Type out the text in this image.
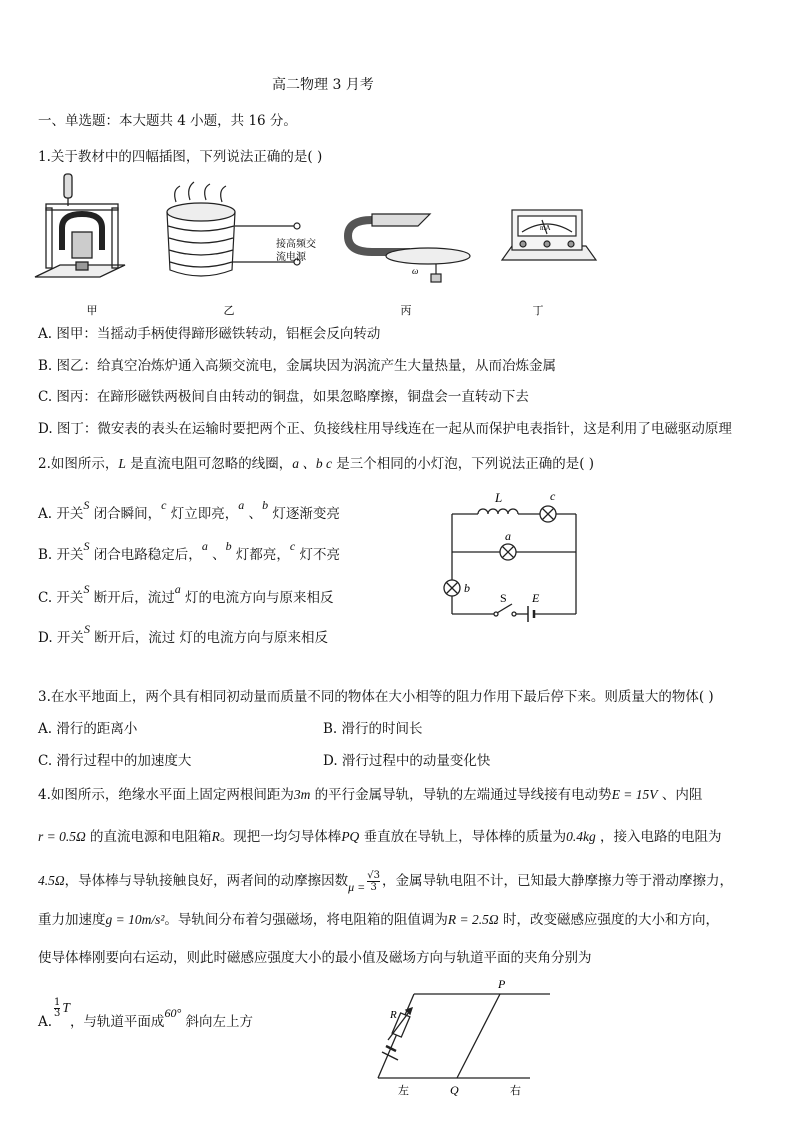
高二物理 3 月考
一、单选题：本大题共 4 小题，共 16 分。
1.关于教材中的四幅插图，下列说法正确的是( )
甲
接高频交
流电源
乙
ω
丙
mA
丁
A. 图甲：当摇动手柄使得蹄形磁铁转动，铝框会反向转动
B. 图乙：给真空冶炼炉通入高频交流电，金属块因为涡流产生大量热量，从而冶炼金属
C. 图丙：在蹄形磁铁两极间自由转动的铜盘，如果忽略摩擦，铜盘会一直转动下去
D. 图丁：微安表的表头在运输时要把两个正、负接线柱用导线连在一起从而保护电表指针，这是利用了电磁驱动原理
2.如图所示，L 是直流电阻可忽略的线圈，a 、b c 是三个相同的小灯泡，下列说法正确的是( )
A. 开关S 闭合瞬间，c 灯立即亮，a 、b 灯逐渐变亮
B. 开关S 闭合电路稳定后，a 、b 灯都亮，c 灯不亮
C. 开关S 断开后，流过a 灯的电流方向与原来相反
D. 开关S 断开后，流过 灯的电流方向与原来相反
L	c
a
b
S E
3.在水平地面上，两个具有相同初动量而质量不同的物体在大小相等的阻力作用下最后停下来。则质量大的物体( )
A. 滑行的距离小	B. 滑行的时间长
C. 滑行过程中的加速度大	D. 滑行过程中的动量变化快
4.如图所示，绝缘水平面上固定两根间距为3m 的平行金属导轨，导轨的左端通过导线接有电动势E = 15V 、内阻
r = 0.5Ω 的直流电源和电阻箱R。现把一均匀导体棒PQ 垂直放在导轨上，导体棒的质量为0.4kg ，接入电路的电阻为
4.5Ω，导体棒与导轨接触良好，两者间的动摩擦因数$\mu = \frac{√3}{3}$ ，金属导轨电阻不计，已知最大静摩擦力等于滑动摩擦力，
重力加速度g = 10m/s²。导轨间分布着匀强磁场，将电阻箱的阻值调为R = 2.5Ω 时，改变磁感应强度的大小和方向，
使导体棒刚要向右运动，则此时磁感应强度大小的最小值及磁场方向与轨道平面的夹角分别为
A.
$\frac{1}{3}$ T，与轨道平面成60° 斜向左上方
P
Q
R
左	右
